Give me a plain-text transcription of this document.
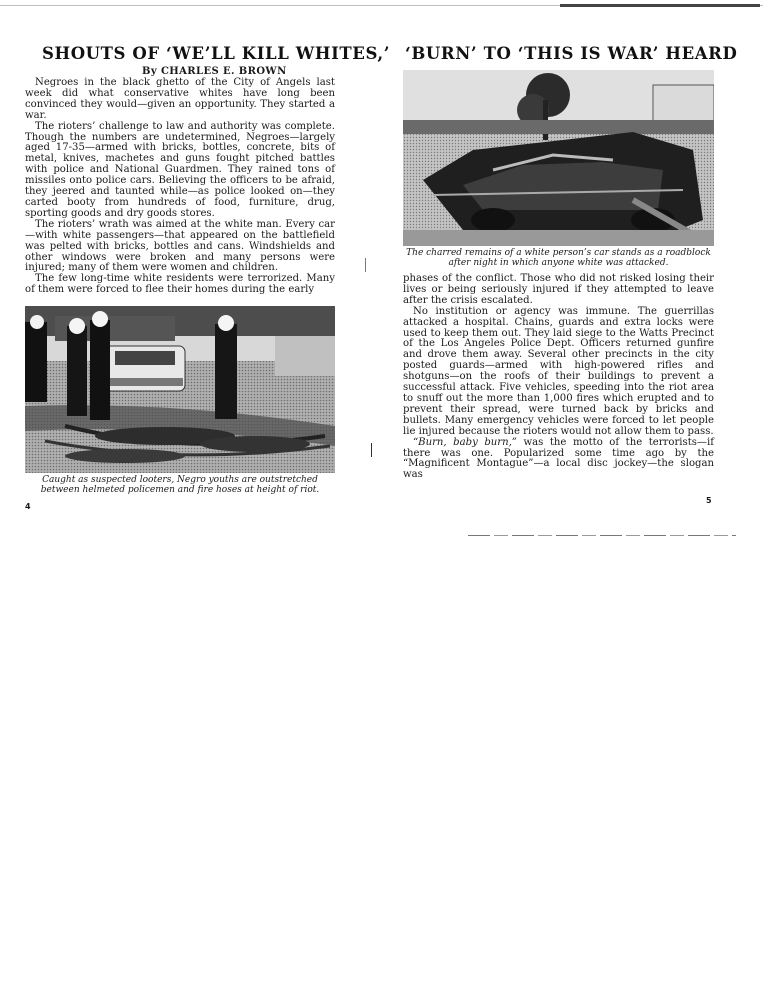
SHOUTS OF ‘WE’LL KILL WHITES,’
By CHARLES E. BROWN

Negroes in the black ghetto of the City of Angels last week did what conservative whites have long been convinced they would—given an opportunity. They started a war.

The rioters’ challenge to law and authority was complete. Though the numbers are undetermined, Negroes—largely aged 17-35—armed with bricks, bottles, concrete, bits of metal, knives, machetes and guns fought pitched battles with police and National Guardmen. They rained tons of missiles onto police cars. Believing the officers to be afraid, they jeered and taunted while—as police looked on—they carted booty from hundreds of food, furniture, drug, sporting goods and dry goods stores.

The rioters’ wrath was aimed at the white man. Every car—with white passengers—that appeared on the battlefield was pelted with bricks, bottles and cans. Windshields and other windows were broken and many persons were injured; many of them were women and children.

The few long-time white residents were terrorized. Many of them were forced to flee their homes during the early

Caught as suspected looters, Negro youths are outstretched between helmeted policemen and fire hoses at height of riot.

4
‘BURN’ TO ‘THIS IS WAR’ HEARD

The charred remains of a white person’s car stands as a roadblock after night in which anyone white was attacked.

phases of the conflict. Those who did not risked losing their lives or being seriously injured if they attempted to leave after the crisis escalated.

No institution or agency was immune. The guerrillas attacked a hospital. Chains, guards and extra locks were used to keep them out. They laid siege to the Watts Precinct of the Los Angeles Police Dept. Officers returned gunfire and drove them away. Several other precincts in the city posted guards—armed with high-powered rifles and shotguns—on the roofs of their buildings to prevent a successful attack. Five vehicles, speeding into the riot area to snuff out the more than 1,000 fires which erupted and to prevent their spread, were turned back by bricks and bullets. Many emergency vehicles were forced to let people lie injured because the rioters would not allow them to pass.

“Burn, baby burn,” was the motto of the terrorists—if there was one. Popularized some time ago by the “Magnificent Montague”—a local disc jockey—the slogan was

5
